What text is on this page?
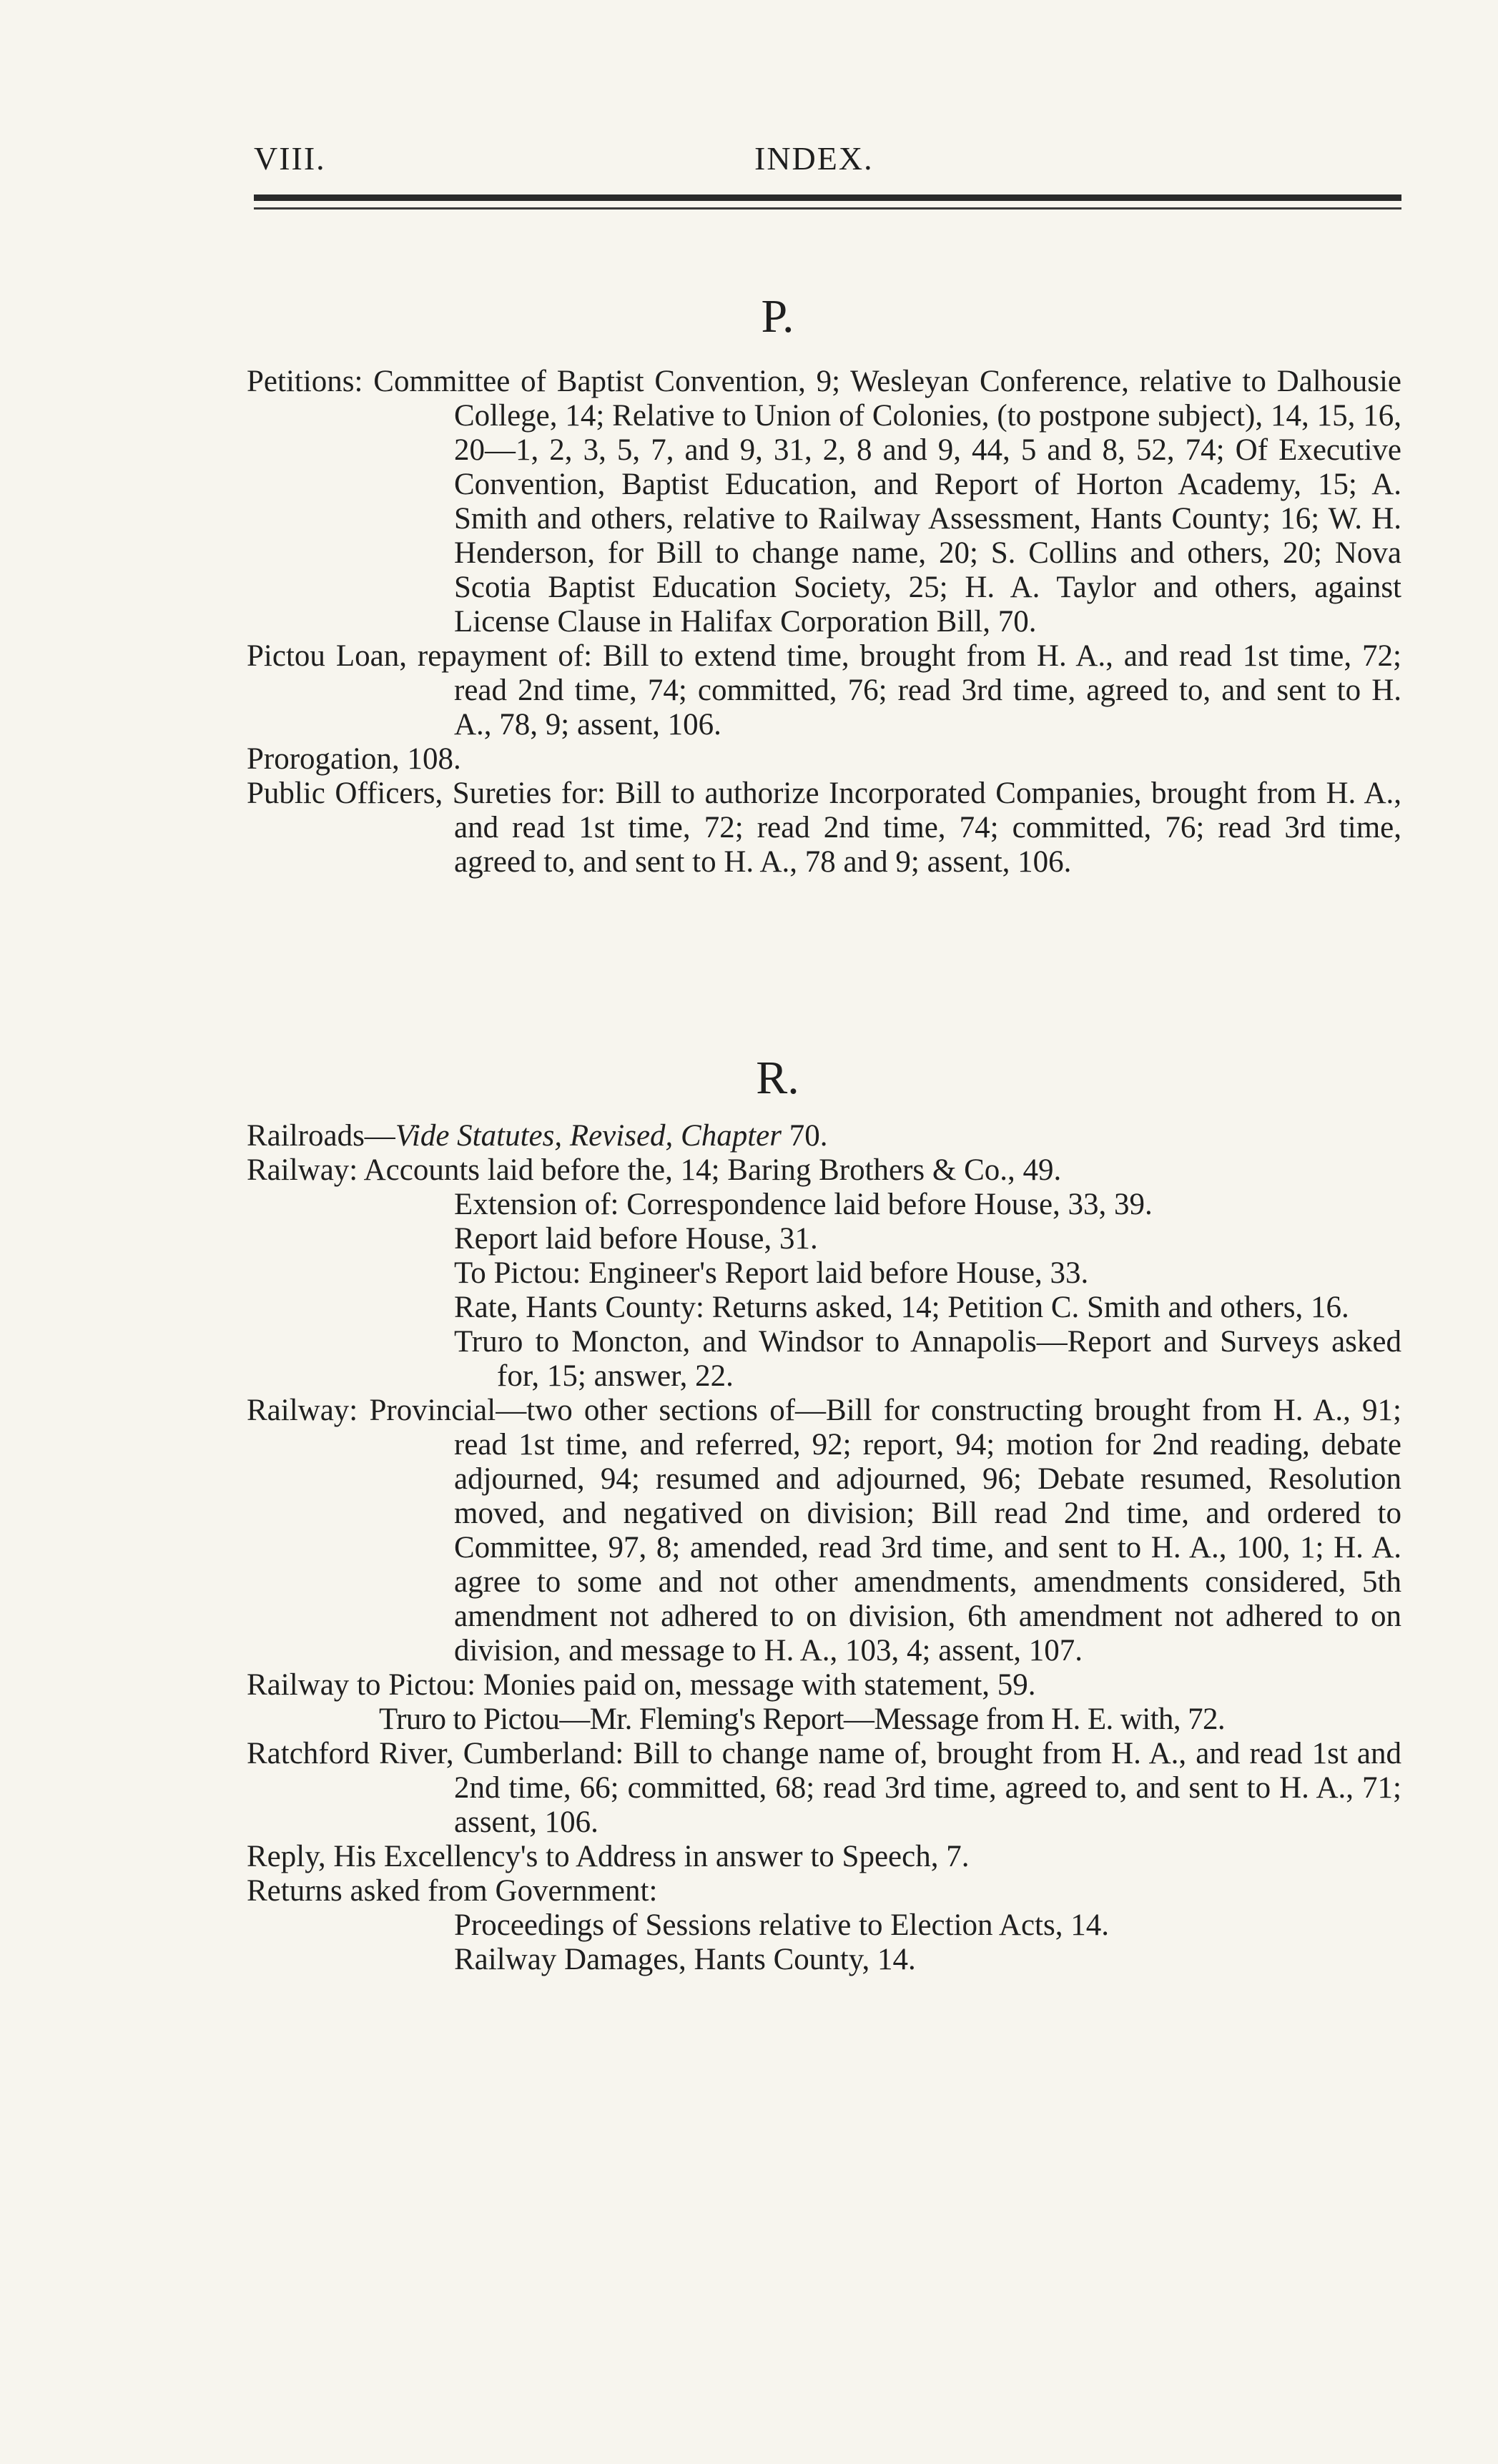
VIII.	INDEX.
P.

Petitions: Committee of Baptist Convention, 9; Wesleyan Conference, relative to Dalhousie College, 14; Relative to Union of Colonies, (to postpone subject), 14, 15, 16, 20—1, 2, 3, 5, 7, and 9, 31, 2, 8 and 9, 44, 5 and 8, 52, 74; Of Executive Convention, Baptist Education, and Report of Horton Academy, 15; A. Smith and others, relative to Railway Assessment, Hants County; 16; W. H. Henderson, for Bill to change name, 20; S. Collins and others, 20; Nova Scotia Baptist Education Society, 25; H. A. Taylor and others, against License Clause in Halifax Corporation Bill, 70.

Pictou Loan, repayment of: Bill to extend time, brought from H. A., and read 1st time, 72; read 2nd time, 74; committed, 76; read 3rd time, agreed to, and sent to H. A., 78, 9; assent, 106.

Prorogation, 108.

Public Officers, Sureties for: Bill to authorize Incorporated Companies, brought from H. A., and read 1st time, 72; read 2nd time, 74; committed, 76; read 3rd time, agreed to, and sent to H. A., 78 and 9; assent, 106.

R.

Railroads—Vide Statutes, Revised, Chapter 70.

Railway: Accounts laid before the, 14; Baring Brothers & Co., 49.

Extension of: Correspondence laid before House, 33, 39.

Report laid before House, 31.

To Pictou: Engineer's Report laid before House, 33.

Rate, Hants County: Returns asked, 14; Petition C. Smith and others, 16.

Truro to Moncton, and Windsor to Annapolis—Report and Surveys asked for, 15; answer, 22.

Railway: Provincial—two other sections of—Bill for constructing brought from H. A., 91; read 1st time, and referred, 92; report, 94; motion for 2nd reading, debate adjourned, 94; resumed and adjourned, 96; Debate resumed, Resolution moved, and negatived on division; Bill read 2nd time, and ordered to Committee, 97, 8; amended, read 3rd time, and sent to H. A., 100, 1; H. A. agree to some and not other amendments, amendments considered, 5th amendment not adhered to on division, 6th amendment not adhered to on division, and message to H. A., 103, 4; assent, 107.

Railway to Pictou: Monies paid on, message with statement, 59.

Truro to Pictou—Mr. Fleming's Report—Message from H. E. with, 72.

Ratchford River, Cumberland: Bill to change name of, brought from H. A., and read 1st and 2nd time, 66; committed, 68; read 3rd time, agreed to, and sent to H. A., 71; assent, 106.

Reply, His Excellency's to Address in answer to Speech, 7.

Returns asked from Government:

Proceedings of Sessions relative to Election Acts, 14.

Railway Damages, Hants County, 14.
